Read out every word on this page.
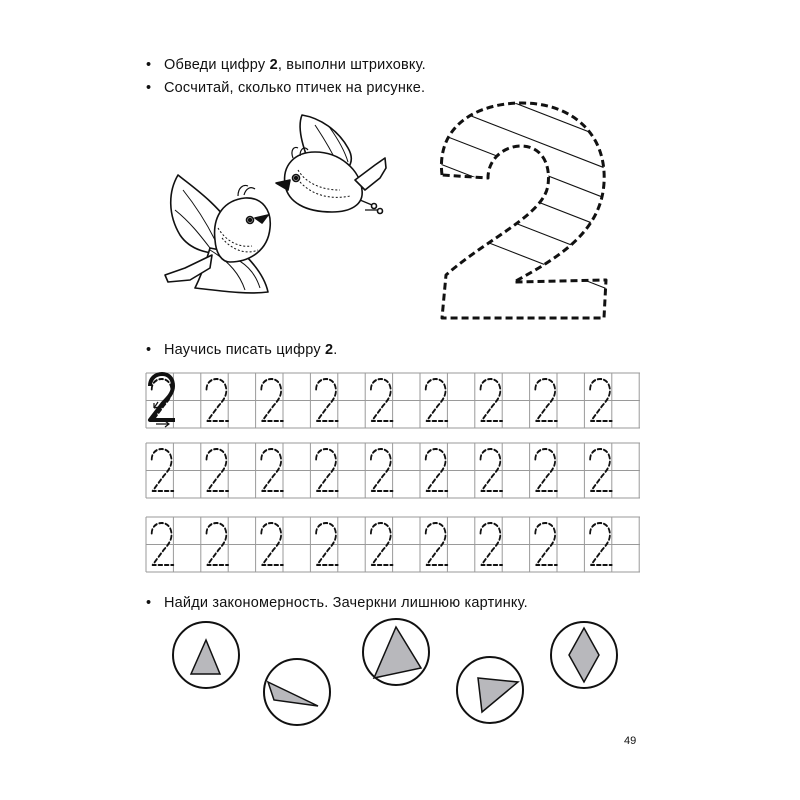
• Обведи цифру 2, выполни штриховку.
• Сосчитай, сколько птичек на рисунке.
• Научись писать цифру 2.
• Найди закономерность. Зачеркни лишнюю картинку.
49
